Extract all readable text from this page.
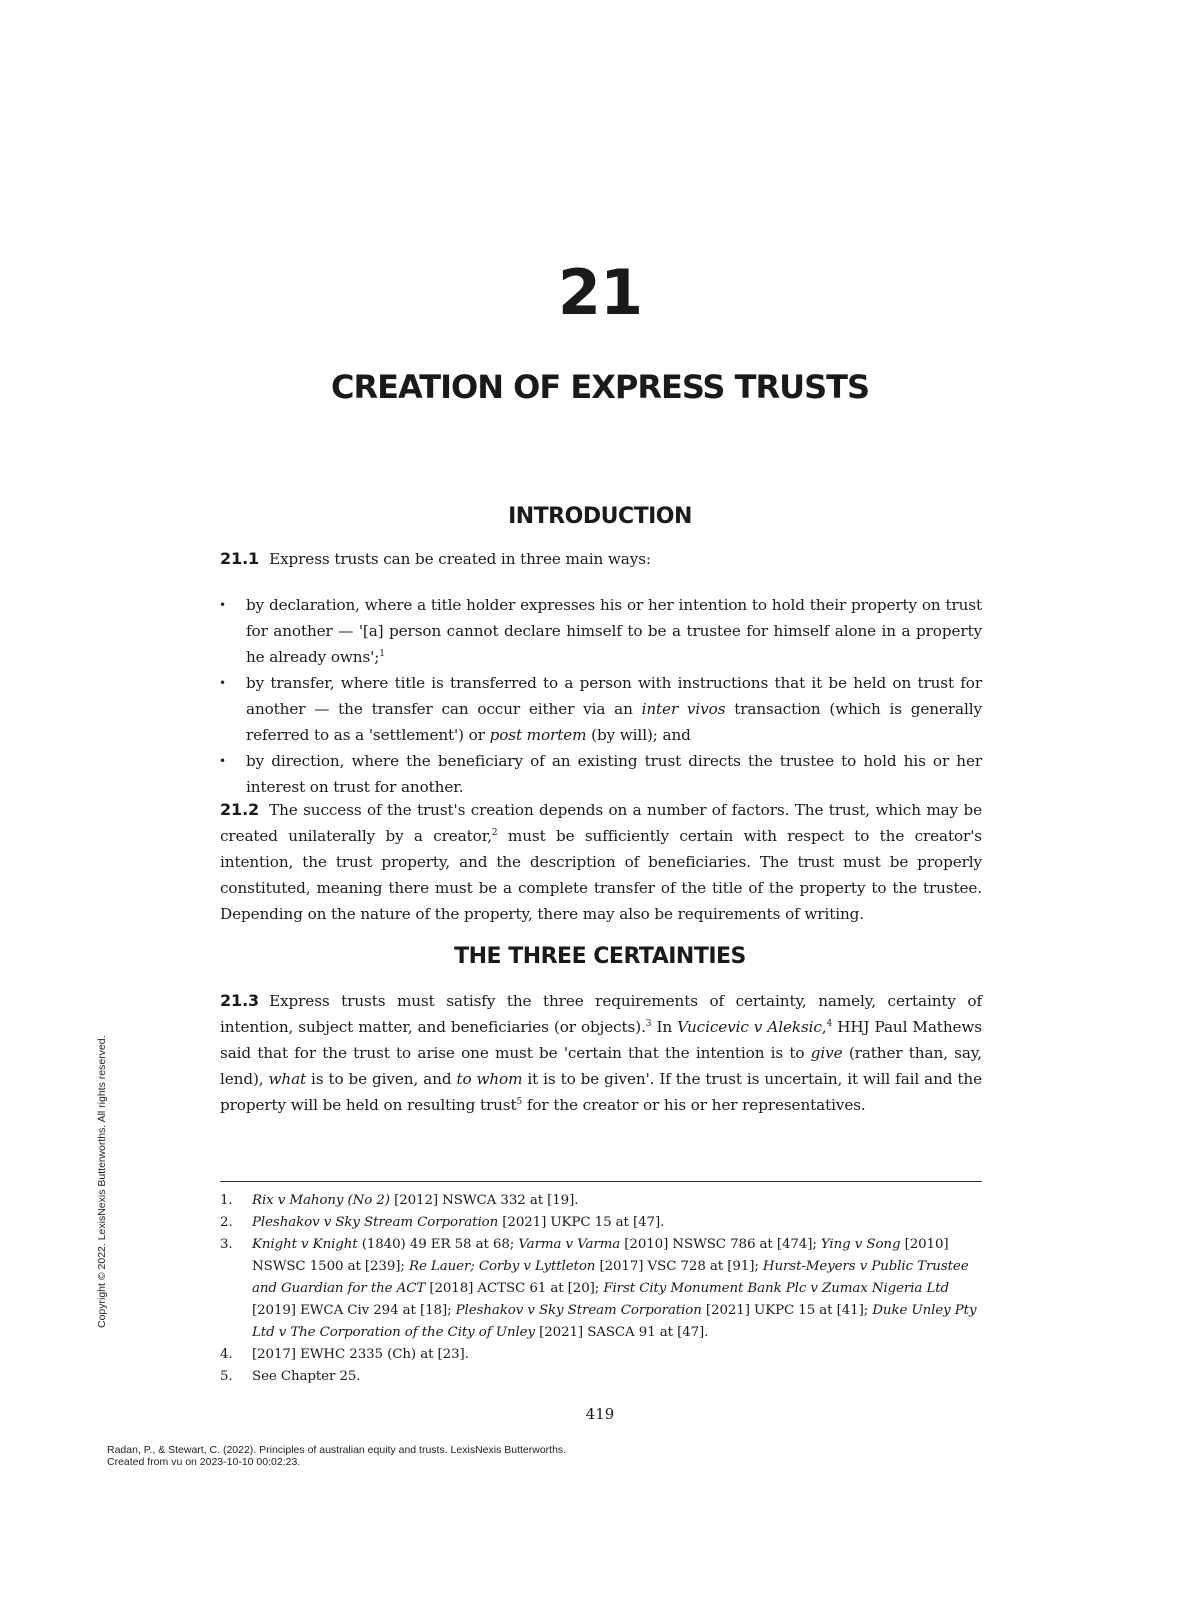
21
CREATION OF EXPRESS TRUSTS
INTRODUCTION
21.1 Express trusts can be created in three main ways:
• by declaration, where a title holder expresses his or her intention to hold their property on trust for another — '[a] person cannot declare himself to be a trustee for himself alone in a property he already owns';$^1$
• by transfer, where title is transferred to a person with instructions that it be held on trust for another — the transfer can occur either via an inter vivos transaction (which is generally referred to as a 'settlement') or post mortem (by will); and
• by direction, where the beneficiary of an existing trust directs the trustee to hold his or her interest on trust for another.
21.2 The success of the trust's creation depends on a number of factors. The trust, which may be created unilaterally by a creator,$^2$ must be sufficiently certain with respect to the creator's intention, the trust property, and the description of beneficiaries. The trust must be properly constituted, meaning there must be a complete transfer of the title of the property to the trustee. Depending on the nature of the property, there may also be requirements of writing.
THE THREE CERTAINTIES
21.3 Express trusts must satisfy the three requirements of certainty, namely, certainty of intention, subject matter, and beneficiaries (or objects).$^3$ In Vucicevic v Aleksic,$^4$ HHJ Paul Mathews said that for the trust to arise one must be 'certain that the intention is to give (rather than, say, lend), what is to be given, and to whom it is to be given'. If the trust is uncertain, it will fail and the property will be held on resulting trust$^5$ for the creator or his or her representatives.
1. Rix v Mahony (No 2) [2012] NSWCA 332 at [19].
2. Pleshakov v Sky Stream Corporation [2021] UKPC 15 at [47].
3. Knight v Knight (1840) 49 ER 58 at 68; Varma v Varma [2010] NSWSC 786 at [474]; Ying v Song [2010] NSWSC 1500 at [239]; Re Lauer; Corby v Lyttleton [2017] VSC 728 at [91]; Hurst-Meyers v Public Trustee and Guardian for the ACT [2018] ACTSC 61 at [20]; First City Monument Bank Plc v Zumax Nigeria Ltd [2019] EWCA Civ 294 at [18]; Pleshakov v Sky Stream Corporation [2021] UKPC 15 at [41]; Duke Unley Pty Ltd v The Corporation of the City of Unley [2021] SASCA 91 at [47].
4. [2017] EWHC 2335 (Ch) at [23].
5. See Chapter 25.
419
Radan, P., & Stewart, C. (2022). Principles of australian equity and trusts. LexisNexis Butterworths.
Created from vu on 2023-10-10 00:02:23.
Copyright © 2022. LexisNexis Butterworths. All rights reserved.
